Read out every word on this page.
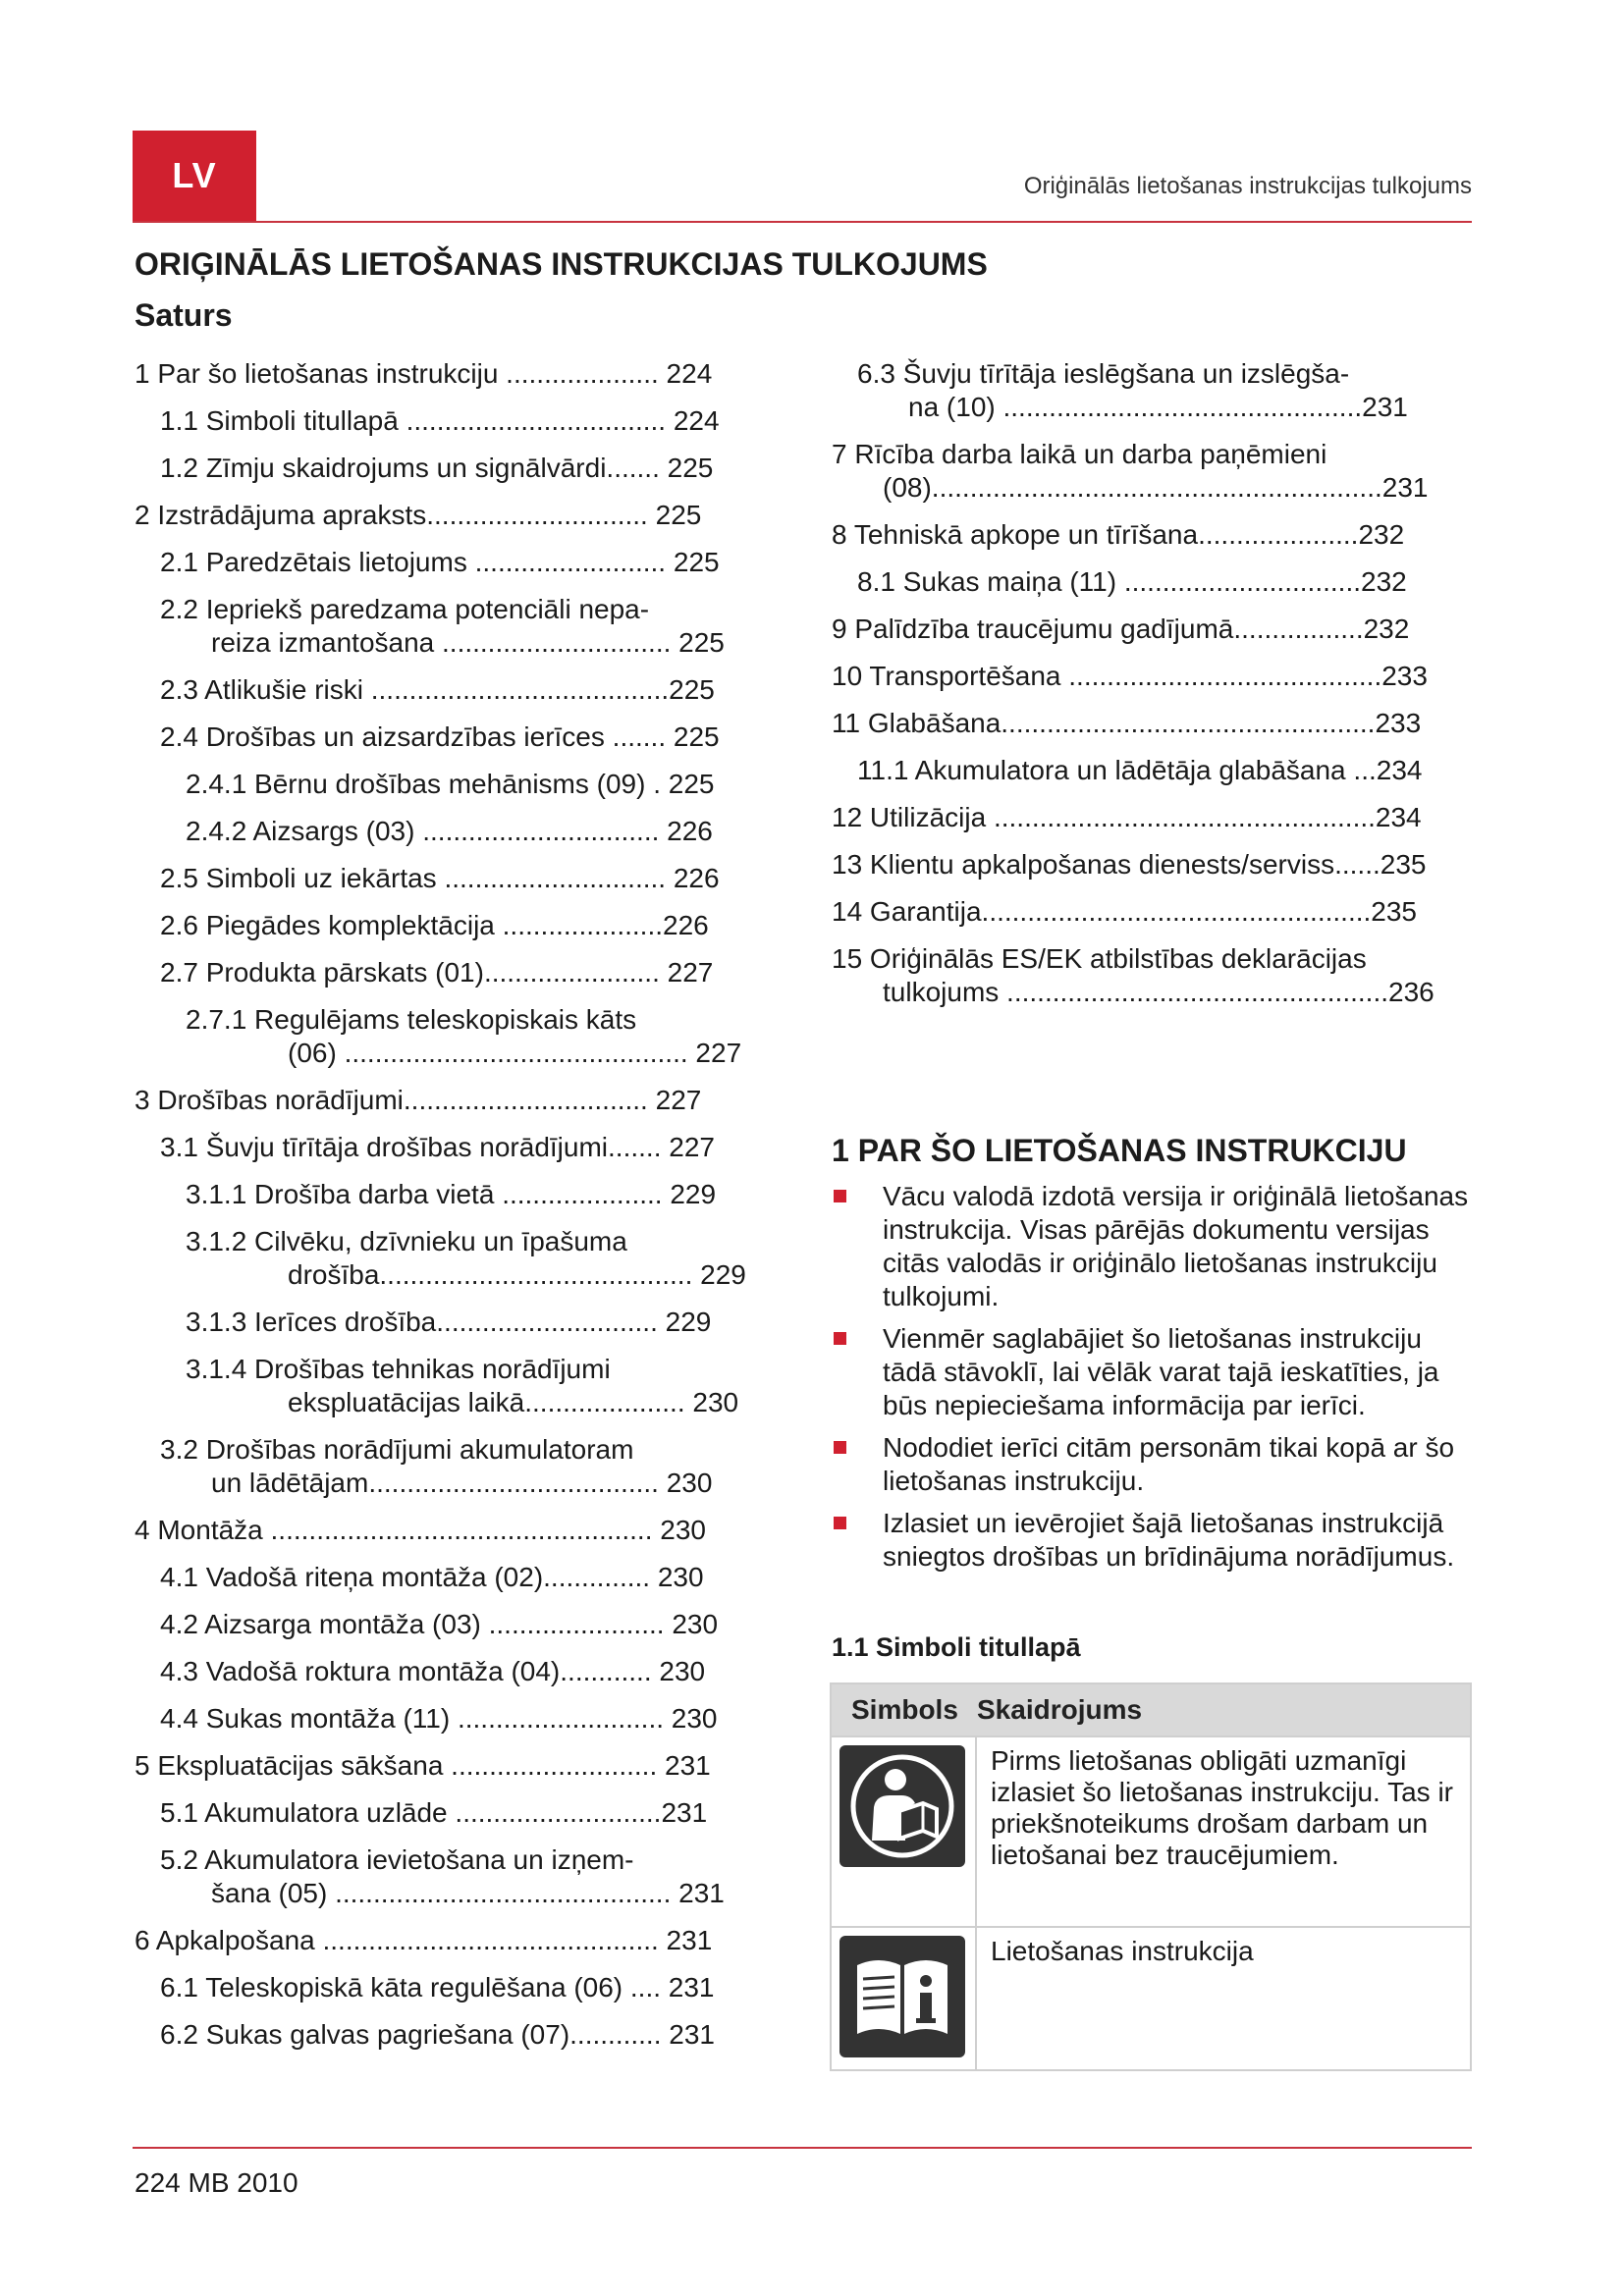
LV	Oriģinālās lietošanas instrukcijas tulkojums
ORIĢINĀLĀS LIETOŠANAS INSTRUKCIJAS TULKOJUMS
Saturs
1 Par šo lietošanas instrukciju .................... 224
1.1 Simboli titullapā .................................. 224
1.2 Zīmju skaidrojums un signālvārdi....... 225
2 Izstrādājuma apraksts............................. 225
2.1 Paredzētais lietojums ......................... 225
2.2 Iepriekš paredzama potenciāli nepa-
reiza izmantošana .............................. 225
2.3 Atlikušie riski .......................................225
2.4 Drošības un aizsardzības ierīces ....... 225
2.4.1 Bērnu drošības mehānisms (09) . 225
2.4.2 Aizsargs (03) ............................... 226
2.5 Simboli uz iekārtas ............................. 226
2.6 Piegādes komplektācija .....................226
2.7 Produkta pārskats (01)....................... 227
2.7.1 Regulējams teleskopiskais kāts
(06) ............................................. 227
3 Drošības norādījumi................................ 227
3.1 Šuvju tīrītāja drošības norādījumi....... 227
3.1.1 Drošība darba vietā ..................... 229
3.1.2 Cilvēku, dzīvnieku un īpašuma
drošība......................................... 229
3.1.3 Ierīces drošība............................. 229
3.1.4 Drošības tehnikas norādījumi
ekspluatācijas laikā..................... 230
3.2 Drošības norādījumi akumulatoram
un lādētājam...................................... 230
4 Montāža .................................................. 230
4.1 Vadošā riteņa montāža (02).............. 230
4.2 Aizsarga montāža (03) ....................... 230
4.3 Vadošā roktura montāža (04)............ 230
4.4 Sukas montāža (11) ........................... 230
5 Ekspluatācijas sākšana ........................... 231
5.1 Akumulatora uzlāde ...........................231
5.2 Akumulatora ievietošana un izņem-
šana (05) ............................................ 231
6 Apkalpošana ............................................ 231
6.1 Teleskopiskā kāta regulēšana (06) .... 231
6.2 Sukas galvas pagriešana (07)............ 231
6.3 Šuvju tīrītāja ieslēgšana un izslēgša-
na (10) ...............................................231
7 Rīcība darba laikā un darba paņēmieni
(08)...........................................................231
8 Tehniskā apkope un tīrīšana.....................232
8.1 Sukas maiņa (11) ...............................232
9 Palīdzība traucējumu gadījumā.................232
10 Transportēšana .........................................233
11 Glabāšana.................................................233
11.1 Akumulatora un lādētāja glabāšana ...234
12 Utilizācija ..................................................234
13 Klientu apkalpošanas dienests/serviss......235
14 Garantija...................................................235
15 Oriģinālās ES/EK atbilstības deklarācijas
tulkojums ..................................................236
1 PAR ŠO LIETOŠANAS INSTRUKCIJU
Vācu valodā izdotā versija ir oriģinālā lietošanas instrukcija. Visas pārējās dokumentu versijas citās valodās ir oriģinālo lietošanas instrukciju tulkojumi.
Vienmēr saglabājiet šo lietošanas instrukciju tādā stāvoklī, lai vēlāk varat tajā ieskatīties, ja būs nepieciešama informācija par ierīci.
Nododiet ierīci citām personām tikai kopā ar šo lietošanas instrukciju.
Izlasiet un ievērojiet šajā lietošanas instrukcijā sniegtos drošības un brīdinājuma norādījumus.
1.1 Simboli titullapā
Simbols Skaidrojums
Pirms lietošanas obligāti uzmanīgi izlasiet šo lietošanas instrukciju. Tas ir priekšnoteikums drošam darbam un lietošanai bez traucējumiem.
Lietošanas instrukcija
224 MB 2010
